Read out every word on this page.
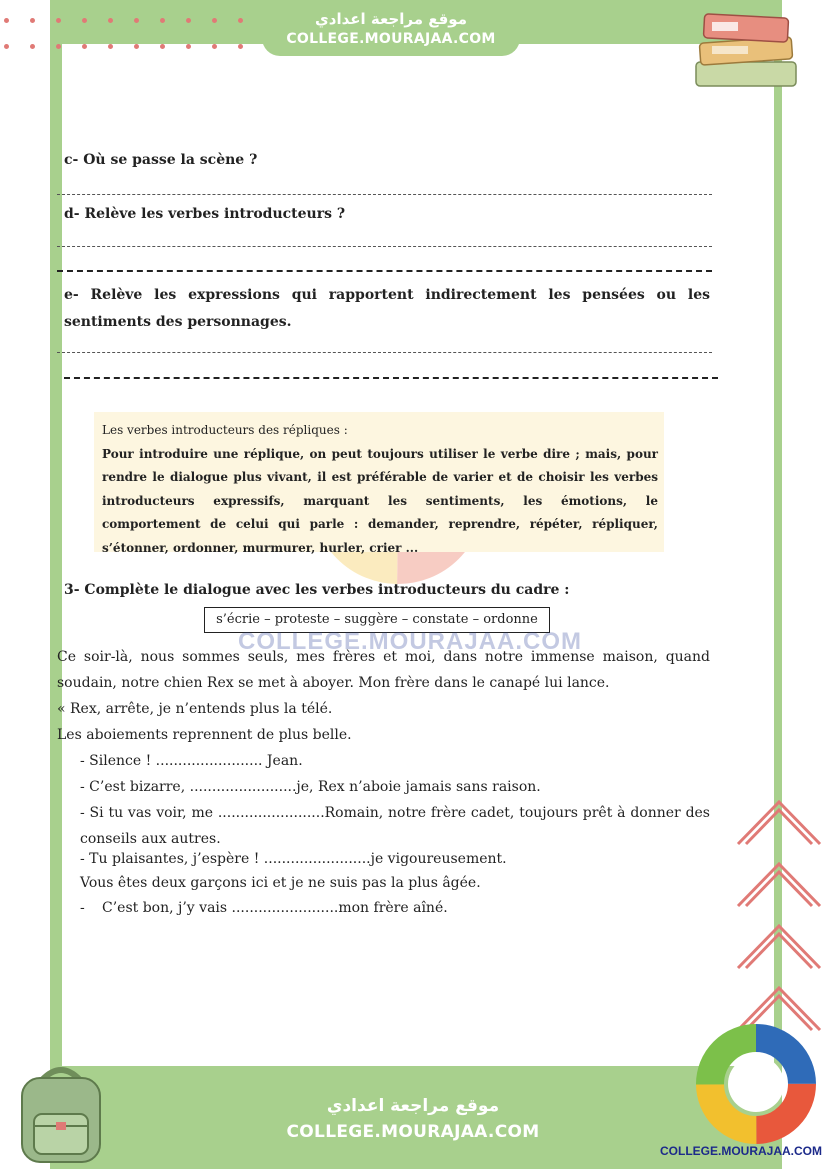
موقع مراجعة اعدادي
COLLEGE.MOURAJAA.COM
c- Où se passe la scène ?
d- Relève les verbes introducteurs ?
e- Relève les expressions qui rapportent indirectement les pensées ou les sentiments des personnages.
Les verbes introducteurs des répliques :
Pour introduire une réplique, on peut toujours utiliser le verbe dire ; mais, pour rendre le dialogue plus vivant, il est préférable de varier et de choisir les verbes introducteurs expressifs, marquant les sentiments, les émotions, le comportement de celui qui parle : demander, reprendre, répéter, répliquer, s’étonner, ordonner, murmurer, hurler, crier ...
3- Complète le dialogue avec les verbes introducteurs du cadre :
s’écrie – proteste – suggère – constate – ordonne
COLLEGE.MOURAJAA.COM
Ce soir-là, nous sommes seuls, mes frères et moi, dans notre immense maison, quand soudain, notre chien Rex se met à aboyer. Mon frère dans le canapé lui lance.
« Rex, arrête, je n’entends plus la télé.
Les aboiements reprennent de plus belle.
- Silence ! ........................ Jean.
- C’est bizarre, ........................je, Rex n’aboie jamais sans raison.
- Si tu vas voir, me ........................Romain, notre frère cadet, toujours prêt à donner des conseils aux autres.
- Tu plaisantes, j’espère ! ........................je vigoureusement.
Vous êtes deux garçons ici et je ne suis pas la plus âgée.
- C’est bon, j’y vais ........................mon frère aîné.
موقع مراجعة اعدادي
COLLEGE.MOURAJAA.COM
COLLEGE.MOURAJAA.COM
